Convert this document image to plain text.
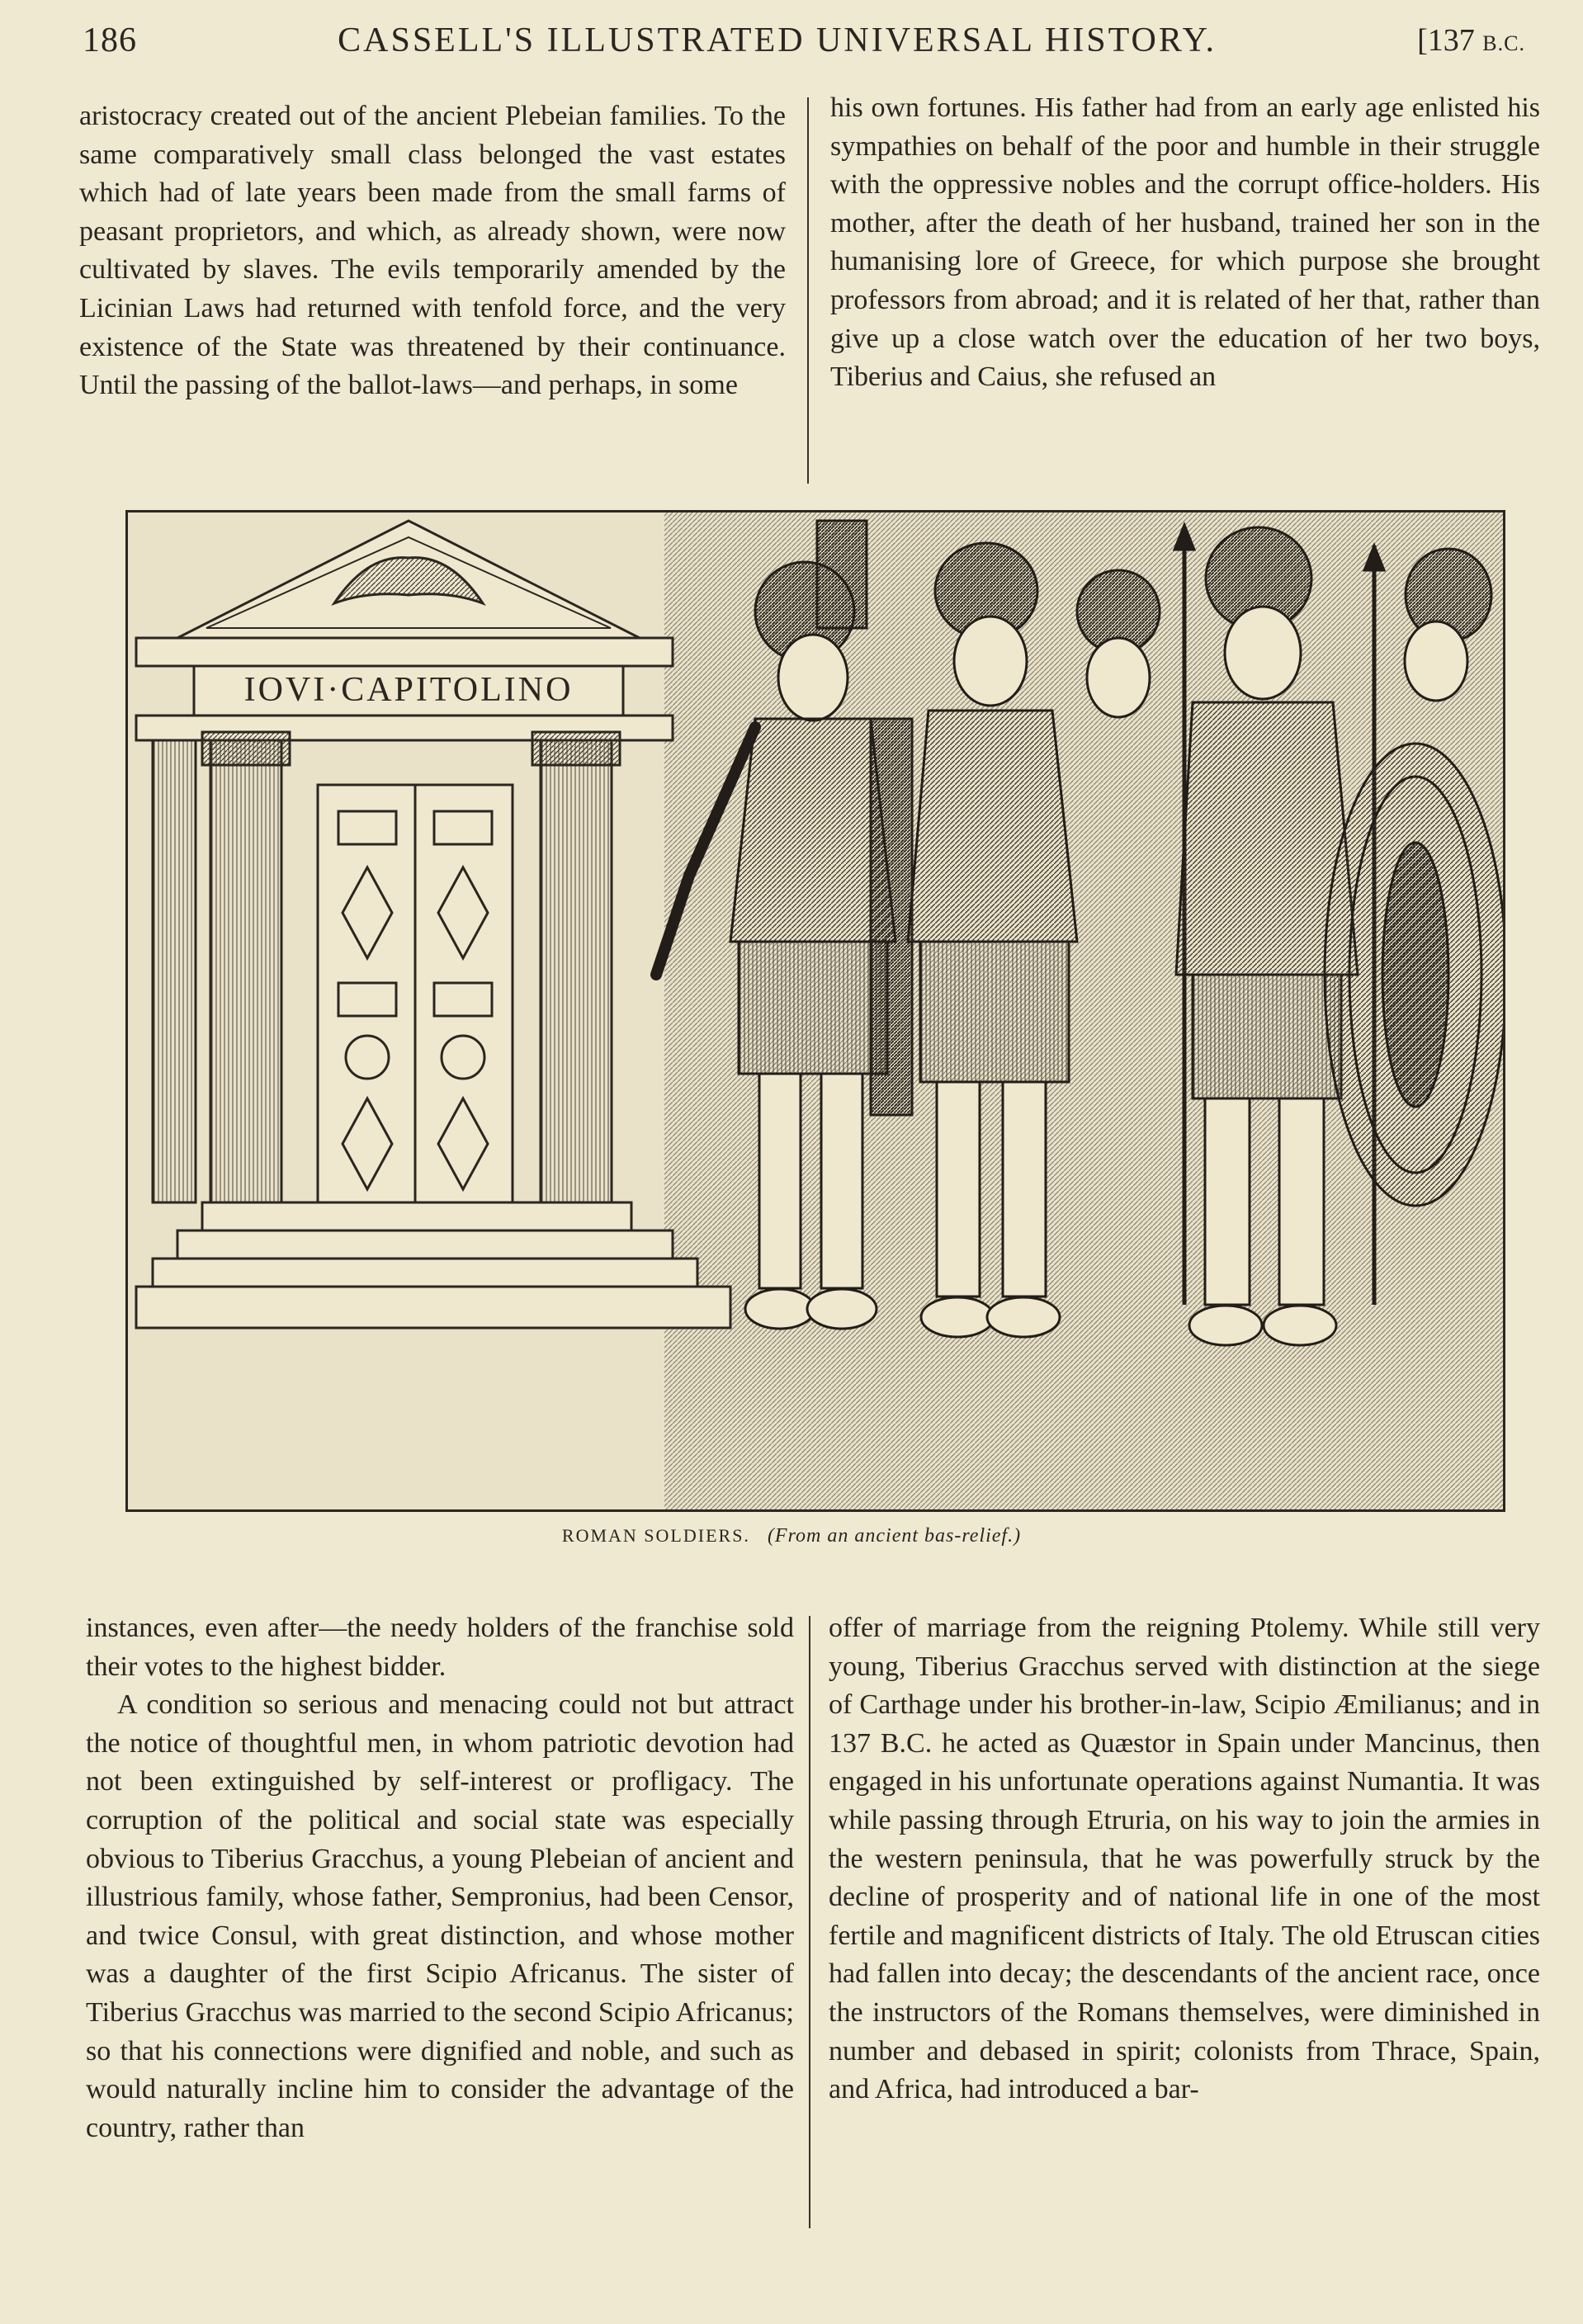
186	CASSELL'S ILLUSTRATED UNIVERSAL HISTORY.	[137 B.C.

aristocracy created out of the ancient Plebeian families. To the same comparatively small class belonged the vast estates which had of late years been made from the small farms of peasant proprietors, and which, as already shown, were now cultivated by slaves. The evils temporarily amended by the Licinian Laws had returned with tenfold force, and the very existence of the State was threatened by their continuance. Until the passing of the ballot-laws—and perhaps, in some

his own fortunes. His father had from an early age enlisted his sympathies on behalf of the poor and humble in their struggle with the oppressive nobles and the corrupt office-holders. His mother, after the death of her husband, trained her son in the humanising lore of Greece, for which purpose she brought professors from abroad; and it is related of her that, rather than give up a close watch over the education of her two boys, Tiberius and Caius, she refused an

IOVI·CAPITOLINO
ROMAN SOLDIERS. (From an ancient bas-relief.)

instances, even after—the needy holders of the franchise sold their votes to the highest bidder.

A condition so serious and menacing could not but attract the notice of thoughtful men, in whom patriotic devotion had not been extinguished by self-interest or profligacy. The corruption of the political and social state was especially obvious to Tiberius Gracchus, a young Plebeian of ancient and illustrious family, whose father, Sempronius, had been Censor, and twice Consul, with great distinction, and whose mother was a daughter of the first Scipio Africanus. The sister of Tiberius Gracchus was married to the second Scipio Africanus; so that his connections were dignified and noble, and such as would naturally incline him to consider the advantage of the country, rather than

offer of marriage from the reigning Ptolemy. While still very young, Tiberius Gracchus served with distinction at the siege of Carthage under his brother-in-law, Scipio Æmilianus; and in 137 B.C. he acted as Quæstor in Spain under Mancinus, then engaged in his unfortunate operations against Numantia. It was while passing through Etruria, on his way to join the armies in the western peninsula, that he was powerfully struck by the decline of prosperity and of national life in one of the most fertile and magnificent districts of Italy. The old Etruscan cities had fallen into decay; the descendants of the ancient race, once the instructors of the Romans themselves, were diminished in number and debased in spirit; colonists from Thrace, Spain, and Africa, had introduced a bar-
